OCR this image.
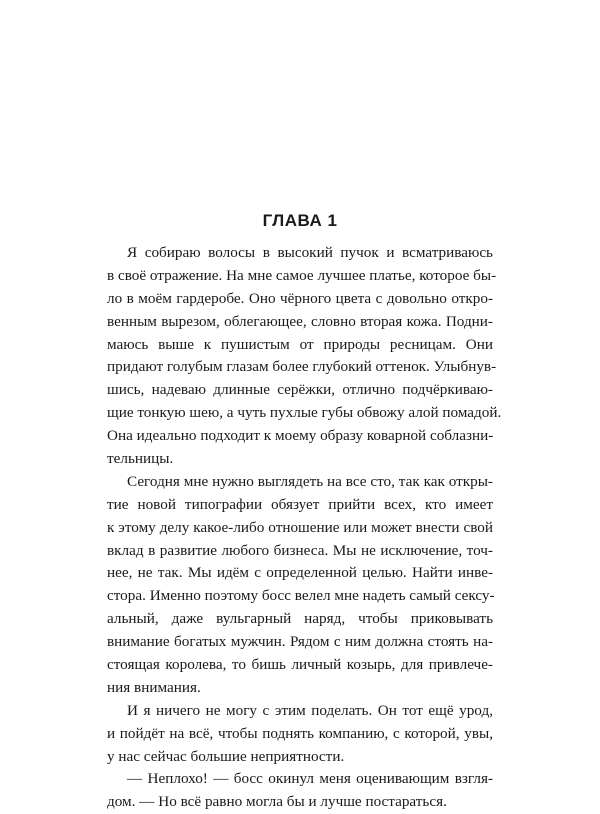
ГЛАВА 1
Я собираю волосы в высокий пучок и всматриваюсь
в своё отражение. На мне самое лучшее платье, которое бы-
ло в моём гардеробе. Оно чёрного цвета с довольно откро-
венным вырезом, облегающее, словно вторая кожа. Подни-
маюсь выше к пушистым от природы ресницам. Они
придают голубым глазам более глубокий оттенок. Улыбнув-
шись, надеваю длинные серёжки, отлично подчёркиваю-
щие тонкую шею, а чуть пухлые губы обвожу алой помадой.
Она идеально подходит к моему образу коварной соблазни-
тельницы.
Сегодня мне нужно выглядеть на все сто, так как откры-
тие новой типографии обязует прийти всех, кто имеет
к этому делу какое-либо отношение или может внести свой
вклад в развитие любого бизнеса. Мы не исключение, точ-
нее, не так. Мы идём с определенной целью. Найти инве-
стора. Именно поэтому босс велел мне надеть самый сексу-
альный, даже вульгарный наряд, чтобы приковывать
внимание богатых мужчин. Рядом с ним должна стоять на-
стоящая королева, то бишь личный козырь, для привлече-
ния внимания.
И я ничего не могу с этим поделать. Он тот ещё урод,
и пойдёт на всё, чтобы поднять компанию, с которой, увы,
у нас сейчас большие неприятности.
— Неплохо! — босс окинул меня оценивающим взгля-
дом. — Но всё равно могла бы и лучше постараться.
